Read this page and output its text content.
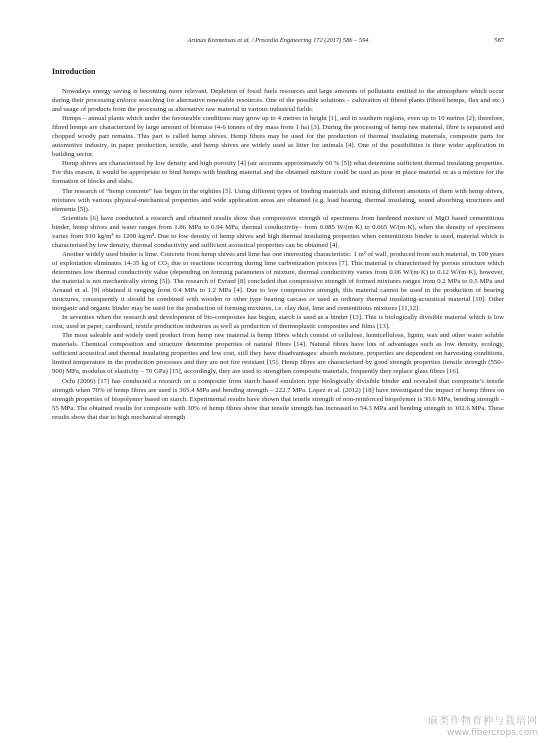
Arūnas Kremensas et al. / Procedia Engineering 172 (2017) 586 – 594	587
Introduction

Nowadays energy saving is becoming more relevant. Depletion of fossil fuels resources and large amounts of pollutants emitted to the atmosphere which occur during their processing enforce searching for alternative renewable resources. One of the possible solutions – cultivation of fibred plants (fibred hemps, flax and etc.) and usage of products from the processing as alternative raw material in various industrial fields.

Hemps – annual plants which under the favourable conditions may grow up to 4 metres in height [1], and in southern regions, even up to 10 metres [2]; therefore, fibred hemps are characterized by large amount of biomass (4-6 tonnes of dry mass from 1 ha) [3]. During the processing of hemp raw material, fibre is separated and chopped woody part remains. This part is called hemp shives. Hemp fibres may be used for the production of thermal insulating materials, composite parts for automotive industry, in paper production, textile, and hemp shives are widely used as litter for animals [4]. One of the possibilities is their wider application in building sector.

Hemp shives are characterised by low density and high porosity [4] (air accounts approximately 60 % [5]) what determine sufficient thermal insulating properties. For this reason, it would be appropriate to bind hemps with binding material and the obtained mixture could be used as pour in place material or as a mixture for the formation of blocks and slabs.

The research of “hemp concrete” has begun in the eighties [5]. Using different types of binding materials and mixing different amounts of them with hemp shives, mixtures with various physical-mechanical properties and wide application areas are obtained (e.g. load bearing, thermal insulating, sound absorbing structures and elements [5]).

Scientists [6] have conducted a research and obtained results show that compressive strength of specimens from hardened mixture of MgO based cementitious binder, hemp shives and water ranges from 1.86 MPa to 6.94 MPa, thermal conductivity– from 0.085 W/(m·K) to 0.065 W/(m·K), when the density of specimens varies from 910 kg/m³ to 1200 kg/m³. Due to low density of hemp shives and high thermal insulating properties when cementitious binder is used, material which is characterised by low density, thermal conductivity and sufficient acoustical properties can be obtained [4].

Another widely used binder is lime. Concrete from hemp shives and lime has one interesting characteristic: 1 m² of wall, produced from such material, in 100 years of exploitation eliminates 14-35 kg of CO₂ due to reactions occurring during lime carbonization process [7]. This material is characterised by porous structure which determines low thermal conductivity value (depending on forming parameters of mixture, thermal conductivity varies from 0.06 W/(m·K) to 0.12 W/(m·K), however, the material is not mechanically strong [5]). The research of Evrard [8] concluded that compressive strength of formed mixtures ranges from 0.2 MPa to 0.5 MPa and Arnaud et al. [9] obtained it ranging from 0.4 MPa to 1.2 MPa [4]. Due to low compressive strength, this material cannot be used in the production of bearing structures, consequently it should be combined with wooden or other type bearing carcass or used as ordinary thermal insulating-acoustical material [10]. Other inorganic and organic binder may be used for the production of forming mixtures, i.e. clay dust, lime and cementitious mixtures [11,12].

In seventies when the research and development of bio-composites has begun, starch is used as a binder [13]. This is biologically divisible material which is low cost, used in paper, cardboard, textile production industries as well as production of thermoplastic composites and films [13].

The most saleable and widely used product from hemp raw material is hemp fibres which consist of cellulose, hemicellulose, lignin, wax and other water soluble materials. Chemical composition and structure determine properties of natural fibres [14]. Natural fibres have lots of advantages such as low density, ecology, sufficient acoustical and thermal insulating properties and low cost, still they have disadvantages: absorb moisture, properties are dependent on harvesting conditions, limited temperature in the production processes and they are not fire resistant [15]. Hemp fibres are characterised by good strength properties (tensile strength (550–900) MPa, modulus of elasticity – 70 GPa) [15], accordingly, they are used to strengthen composite materials, frequently they replace glass fibres [16].

Ochi (2006) [17] has conducted a research on a composite from starch based emulsion type biologically divisible binder and revealed that composite’s tensile strength when 70% of hemp fibres are used is 365.4 MPa and bending strength – 222.7 MPa. Lopez et al. (2012) [18] have investigated the impact of hemp fibres on strength properties of biopolymer based on starch. Experimental results have shown that tensile strength of non-reinforced biopolymer is 30.6 MPa, bending strength – 55 MPa. The obtained results for composite with 30% of hemp fibres show that tensile strength has increased to 54.3 MPa and bending strength to 102.6 MPa. These results show that due to high mechanical strength

麻类作物育种与栽培网
www.fibercrops.com
